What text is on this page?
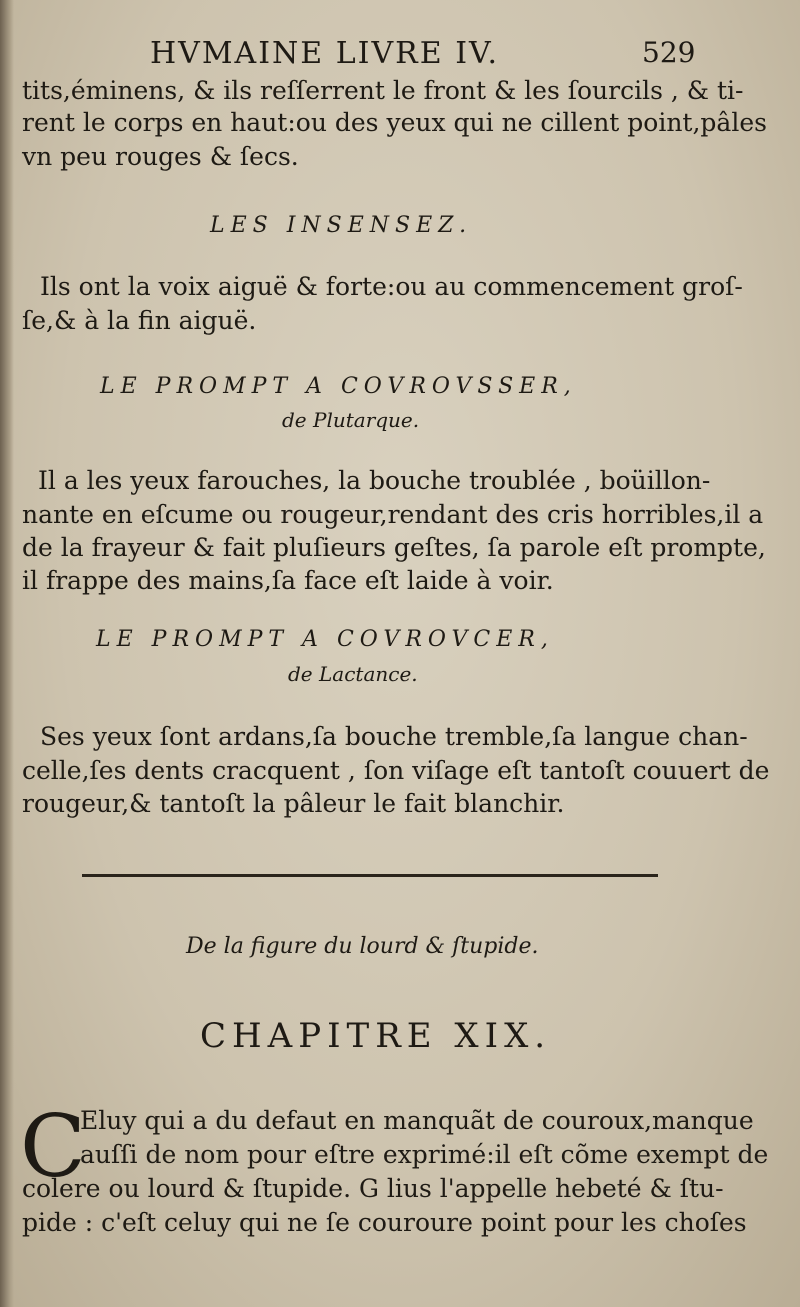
HVMAINE LIVRE IV.	529
tits,éminens, & ils reſſerrent le front & les ſourcils , & ti-
rent le corps en haut:ou des yeux qui ne cillent point,pâles
vn peu rouges & ſecs.
LES INSENSEZ.
Ils ont la voix aiguë & forte:ou au commencement groſ-
ſe,& à la fin aiguë.
LE PROMPT A COVROVSSER,
de Plutarque.
Il a les yeux farouches, la bouche troublée , boüillon-
nante en eſcume ou rougeur,rendant des cris horribles,il a
de la frayeur & fait pluſieurs geſtes, ſa parole eſt prompte,
il frappe des mains,ſa face eſt laide à voir.
LE PROMPT A COVROVCER,
de Lactance.
Ses yeux ſont ardans,ſa bouche tremble,ſa langue chan-
celle,ſes dents cracquent , ſon viſage eſt tantoſt couuert de
rougeur,& tantoſt la pâleur le fait blanchir.
De la figure du lourd & ſtupide.
CHAPITRE XIX.
C
Eluy qui a du defaut en manquãt de couroux,manque
auſſi de nom pour eſtre exprimé:il eſt cõme exempt de
colere ou lourd & ſtupide. G lius l'appelle hebeté & ſtu-
pide : c'eſt celuy qui ne ſe couroure point pour les choſes
